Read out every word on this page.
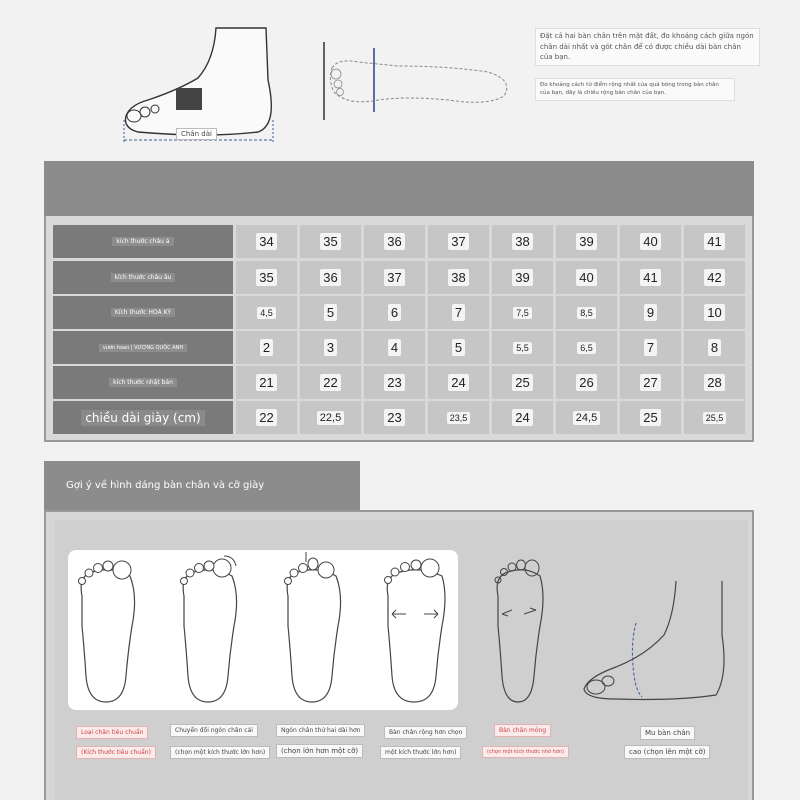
Chân dài
Đặt cả hai bàn chân trên mặt đất, đo khoảng cách giữa ngón chân dài nhất và gót chân để có được chiều dài bàn chân của bạn.
Đo khoảng cách từ điểm rộng nhất của quả bóng trong bàn chân của bạn, đây là chiều rộng bàn chân của bạn.
kích thước châu á	34	35	36	37	38	39	40	41
kích thước châu âu	35	36	37	38	39	40	41	42
Kích thước HOA KỲ	4,5	5	6	7	7,5	8,5	9	10
vươn hoan | VƯƠNG QUỐC ANH	2	3	4	5	5,5	6,5	7	8
kích thước nhật bản	21	22	23	24	25	26	27	28
chiều dài giày (cm)	22	22,5	23	23,5	24	24,5	25	25,5
Gợi ý về hình dáng bàn chân và cỡ giày
Loại chân tiêu chuẩn
(Kích thước tiêu chuẩn)
Chuyển đổi ngón chân cái
(chọn một kích thước lớn hơn)
Ngón chân thứ hai dài hơn
(chọn lớn hơn một cỡ)
Bàn chân rộng hơn chọn
một kích thước lớn hơn)
Bàn chân mỏng
(chọn một kích thước nhỏ hơn)
Mu bàn chân
cao (chọn lên một cỡ)
